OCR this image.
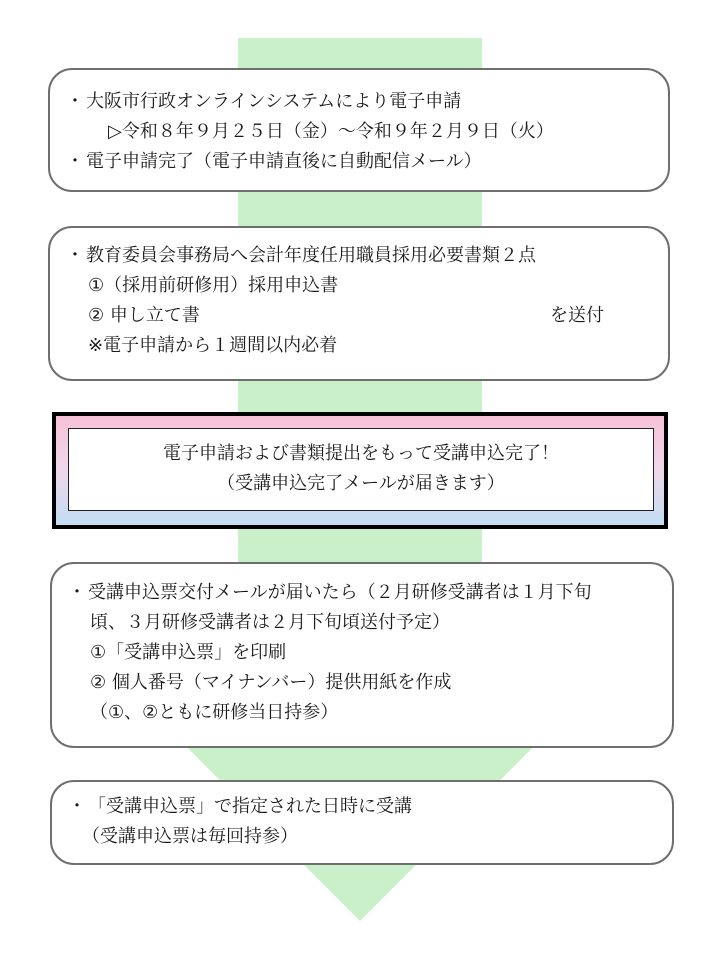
・ 大阪市行政オンラインシステムにより電子申請
▷令和８年９月２５日（金）～令和９年２月９日（火）
・ 電子申請完了（電子申請直後に自動配信メール）
・ 教育委員会事務局へ会計年度任用職員採用必要書類２点
①（採用前研修用）採用申込書
② 申し立て書
※電子申請から１週間以内必着
を送付
電子申請および書類提出をもって受講申込完了！
（受講申込完了メールが届きます）
・ 受講申込票交付メールが届いたら（２月研修受講者は１月下旬
頃、３月研修受講者は２月下旬頃送付予定）
①「受講申込票」を印刷
② 個人番号（マイナンバー）提供用紙を作成
（①、②ともに研修当日持参）
・ 「受講申込票」で指定された日時に受講
（受講申込票は毎回持参）
